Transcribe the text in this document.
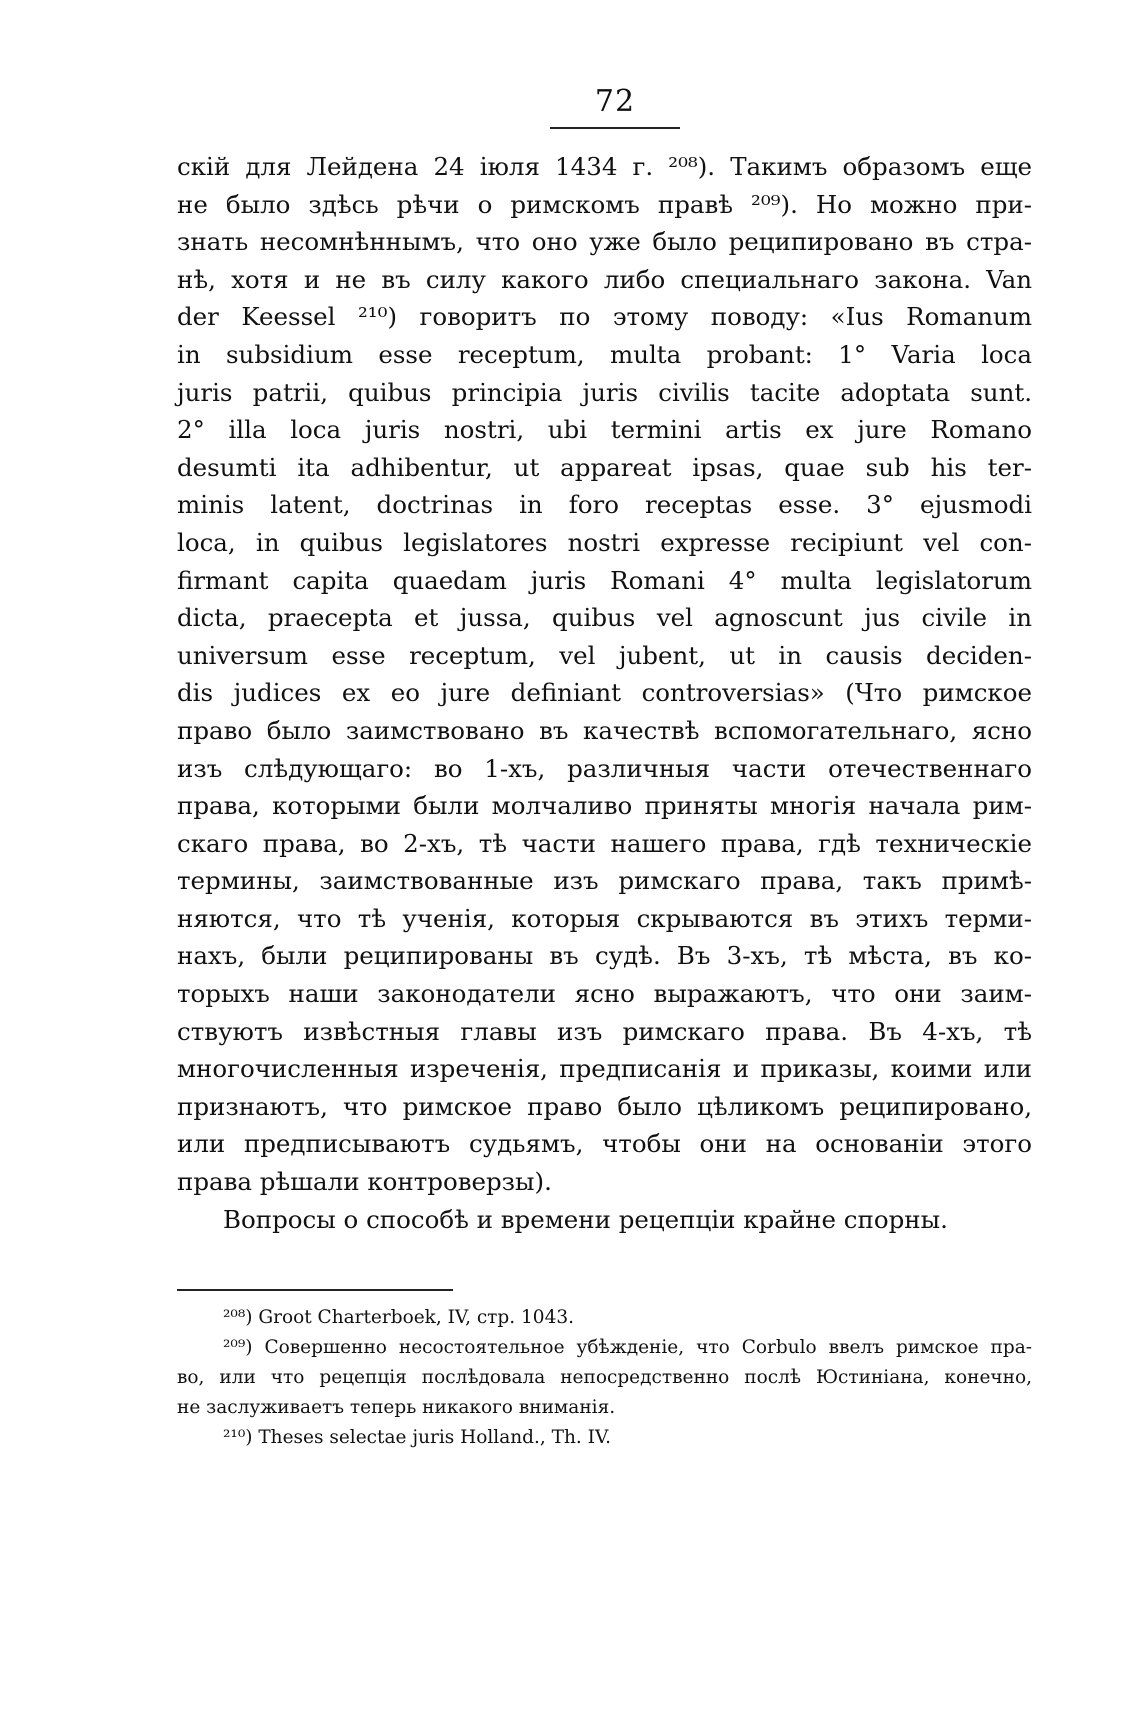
72
скій для Лейдена 24 іюля 1434 г. ²⁰⁸). Такимъ образомъ еще
не было здѣсь рѣчи о римскомъ правѣ ²⁰⁹). Но можно при-
знать несомнѣннымъ, что оно уже было реципировано въ стра-
нѣ, хотя и не въ силу какого либо специальнаго закона. Van
der Keessel ²¹⁰) говоритъ по этому поводу: «Ius Romanum
in subsidium esse receptum, multa probant: 1° Varia loca
juris patrii, quibus principia juris civilis tacite adoptata sunt.
2° illa loca juris nostri, ubi termini artis ex jure Romano
desumti ita adhibentur, ut appareat ipsas, quae sub his ter-
minis latent, doctrinas in foro receptas esse. 3° ejusmodi
loca, in quibus legislatores nostri expresse recipiunt vel con-
firmant capita quaedam juris Romani 4° multa legislatorum
dicta, praecepta et jussa, quibus vel agnoscunt jus civile in
universum esse receptum, vel jubent, ut in causis deciden-
dis judices ex eo jure definiant controversias» (Что римское
право было заимствовано въ качествѣ вспомогательнаго, ясно
изъ слѣдующаго: во 1-хъ, различныя части отечественнаго
права, которыми были молчаливо приняты многія начала рим-
скаго права, во 2-хъ, тѣ части нашего права, гдѣ техническіе
термины, заимствованные изъ римскаго права, такъ примѣ-
няются, что тѣ ученія, которыя скрываются въ этихъ терми-
нахъ, были реципированы въ судѣ. Въ 3-хъ, тѣ мѣста, въ ко-
торыхъ наши законодатели ясно выражаютъ, что они заим-
ствуютъ извѣстныя главы изъ римскаго права. Въ 4-хъ, тѣ
многочисленныя изреченія, предписанія и приказы, коими или
признаютъ, что римское право было цѣликомъ реципировано,
или предписываютъ судьямъ, чтобы они на основаніи этого
права рѣшали контроверзы).
Вопросы о способѣ и времени рецепціи крайне спорны.
²⁰⁸) Groot Charterboek, IV, стр. 1043.
²⁰⁹) Совершенно несостоятельное убѣжденіе, что Corbulo ввелъ римское пра-
во, или что рецепція послѣдовала непосредственно послѣ Юстиніана, конечно,
не заслуживаетъ теперь никакого вниманія.
²¹⁰) Theses selectae juris Holland., Th. IV.
